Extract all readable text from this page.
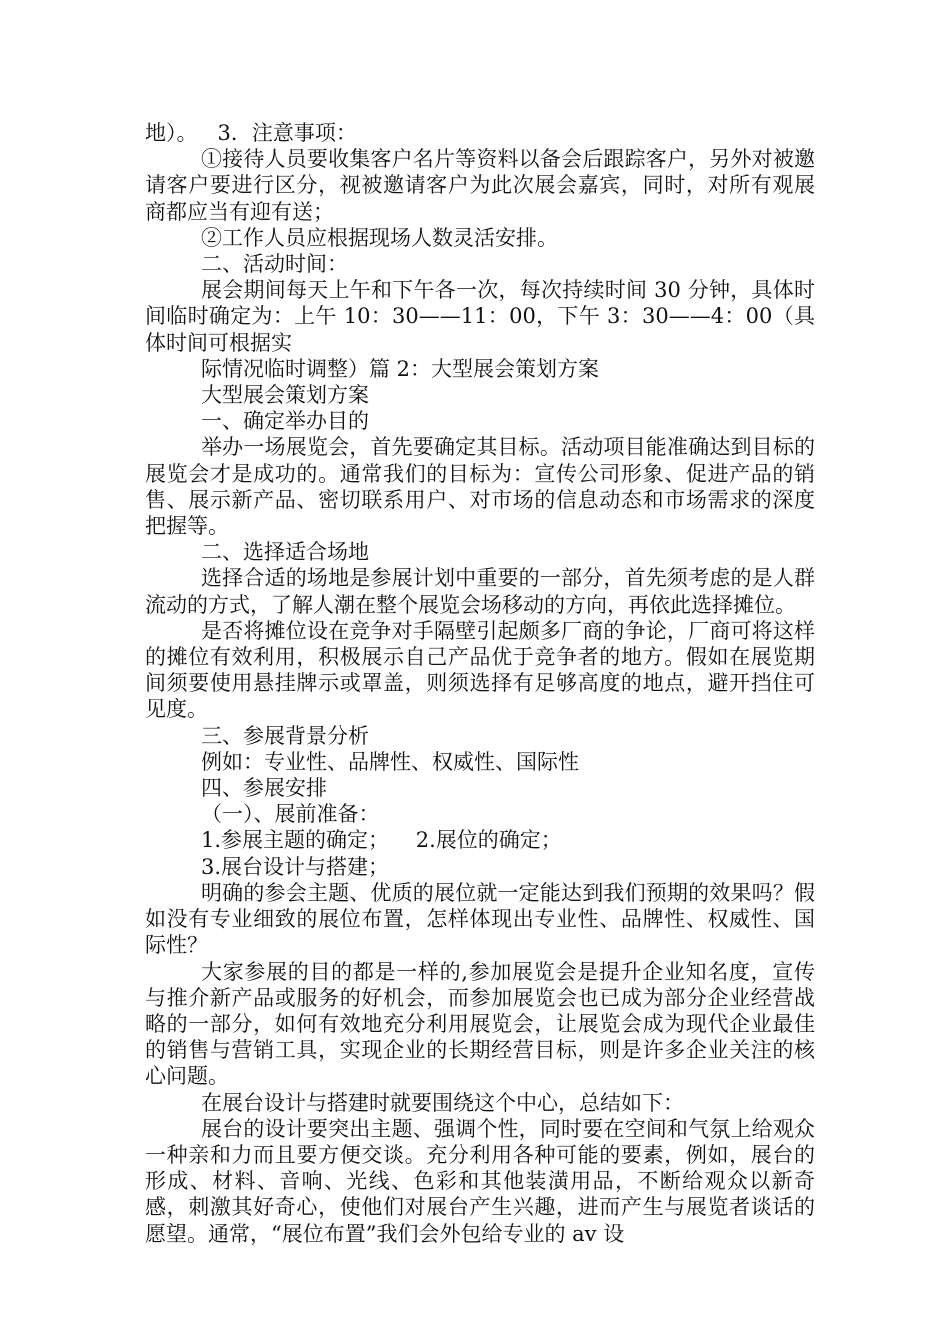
地）。   3．注意事项：

①接待人员要收集客户名片等资料以备会后跟踪客户，另外对被邀请客户要进行区分，视被邀请客户为此次展会嘉宾，同时，对所有观展商都应当有迎有送；

②工作人员应根据现场人数灵活安排。

二、活动时间：

展会期间每天上午和下午各一次，每次持续时间 30 分钟，具体时间临时确定为：上午 10：30——11：00，下午 3：30——4：00（具体时间可根据实

际情况临时调整）篇 2：大型展会策划方案

大型展会策划方案

一、确定举办目的

举办一场展览会，首先要确定其目标。活动项目能准确达到目标的展览会才是成功的。通常我们的目标为：宣传公司形象、促进产品的销售、展示新产品、密切联系用户、对市场的信息动态和市场需求的深度把握等。

二、选择适合场地

选择合适的场地是参展计划中重要的一部分，首先须考虑的是人群流动的方式，了解人潮在整个展览会场移动的方向，再依此选择摊位。

是否将摊位设在竞争对手隔壁引起颇多厂商的争论，厂商可将这样的摊位有效利用，积极展示自己产品优于竞争者的地方。假如在展览期间须要使用悬挂牌示或罩盖，则须选择有足够高度的地点，避开挡住可见度。

三、参展背景分析

例如：专业性、品牌性、权威性、国际性

四、参展安排

（一）、展前准备：

1.参展主题的确定；    2.展位的确定；

3.展台设计与搭建；

明确的参会主题、优质的展位就一定能达到我们预期的效果吗？假如没有专业细致的展位布置，怎样体现出专业性、品牌性、权威性、国际性？

大家参展的目的都是一样的,参加展览会是提升企业知名度，宣传与推介新产品或服务的好机会，而参加展览会也已成为部分企业经营战略的一部分，如何有效地充分利用展览会，让展览会成为现代企业最佳的销售与营销工具，实现企业的长期经营目标，则是许多企业关注的核心问题。

在展台设计与搭建时就要围绕这个中心，总结如下：

展台的设计要突出主题、强调个性，同时要在空间和气氛上给观众一种亲和力而且要方便交谈。充分利用各种可能的要素，例如，展台的形成、材料、音响、光线、色彩和其他装潢用品，不断给观众以新奇感，刺激其好奇心，使他们对展台产生兴趣，进而产生与展览者谈话的愿望。通常，“展位布置”我们会外包给专业的 av 设
